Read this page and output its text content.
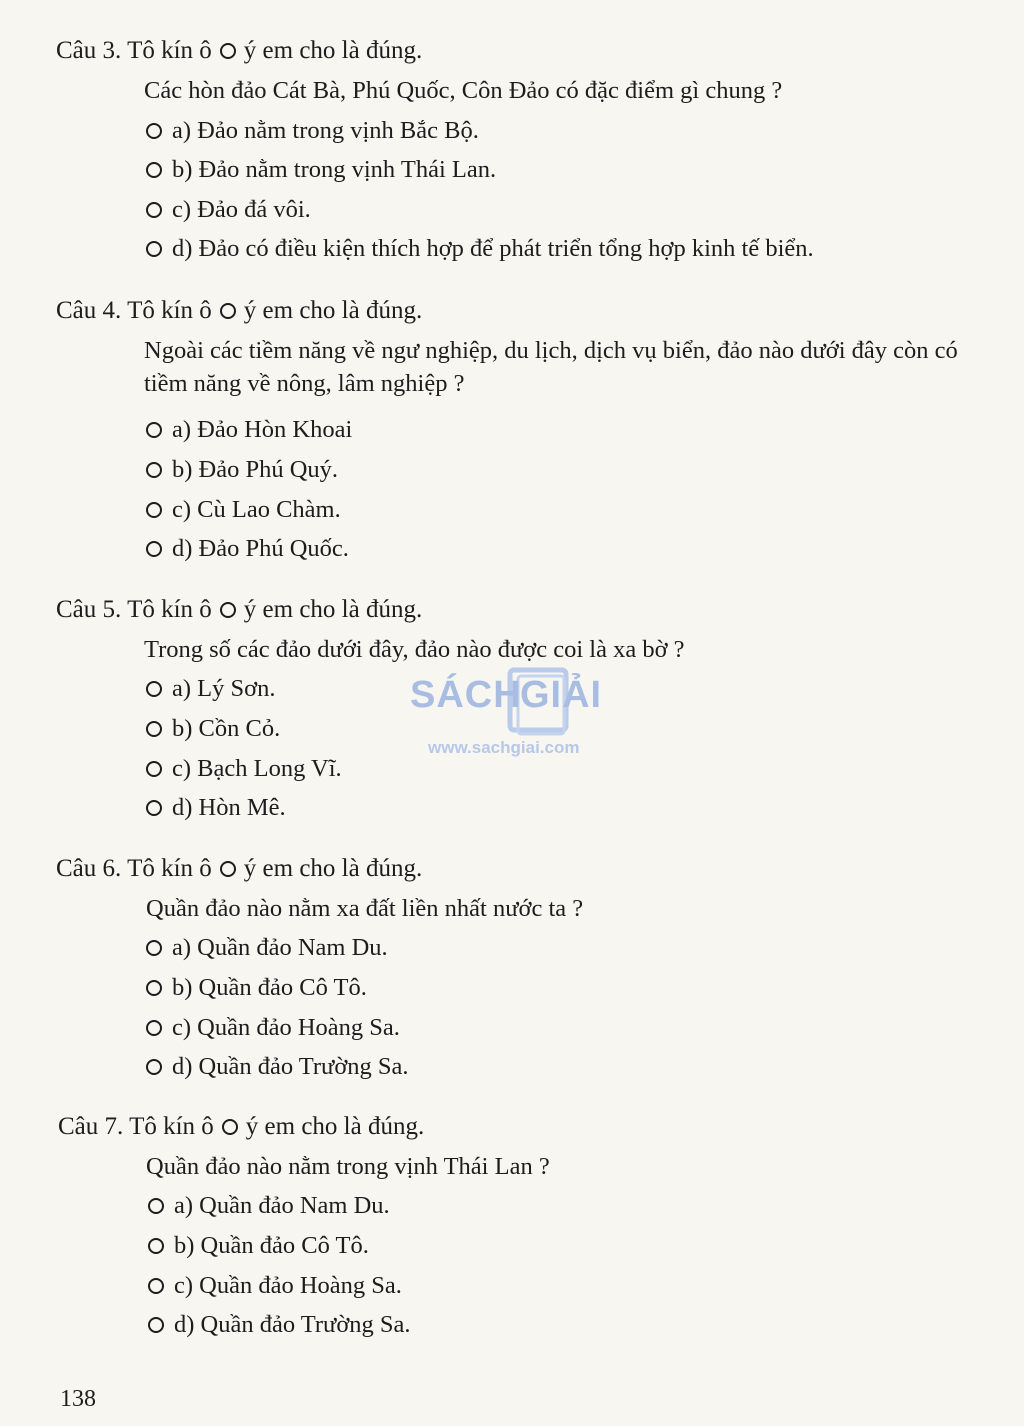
Câu 3. Tô kín ô ý em cho là đúng.
Các hòn đảo Cát Bà, Phú Quốc, Côn Đảo có đặc điểm gì chung ?
a) Đảo nằm trong vịnh Bắc Bộ.
b) Đảo nằm trong vịnh Thái Lan.
c) Đảo đá vôi.
d) Đảo có điều kiện thích hợp để phát triển tổng hợp kinh tế biển.
Câu 4. Tô kín ô ý em cho là đúng.
Ngoài các tiềm năng về ngư nghiệp, du lịch, dịch vụ biển, đảo nào dưới đây còn có tiềm năng về nông, lâm nghiệp ?
a) Đảo Hòn Khoai
b) Đảo Phú Quý.
c) Cù Lao Chàm.
d) Đảo Phú Quốc.
Câu 5. Tô kín ô ý em cho là đúng.
Trong số các đảo dưới đây, đảo nào được coi là xa bờ ?
a) Lý Sơn.
b) Cồn Cỏ.
c) Bạch Long Vĩ.
d) Hòn Mê.
Câu 6. Tô kín ô ý em cho là đúng.
Quần đảo nào nằm xa đất liền nhất nước ta ?
a) Quần đảo Nam Du.
b) Quần đảo Cô Tô.
c) Quần đảo Hoàng Sa.
d) Quần đảo Trường Sa.
Câu 7. Tô kín ô ý em cho là đúng.
Quần đảo nào nằm trong vịnh Thái Lan ?
a) Quần đảo Nam Du.
b) Quần đảo Cô Tô.
c) Quần đảo Hoàng Sa.
d) Quần đảo Trường Sa.
SÁCH
GIẢI
www.sachgiai.com
138
